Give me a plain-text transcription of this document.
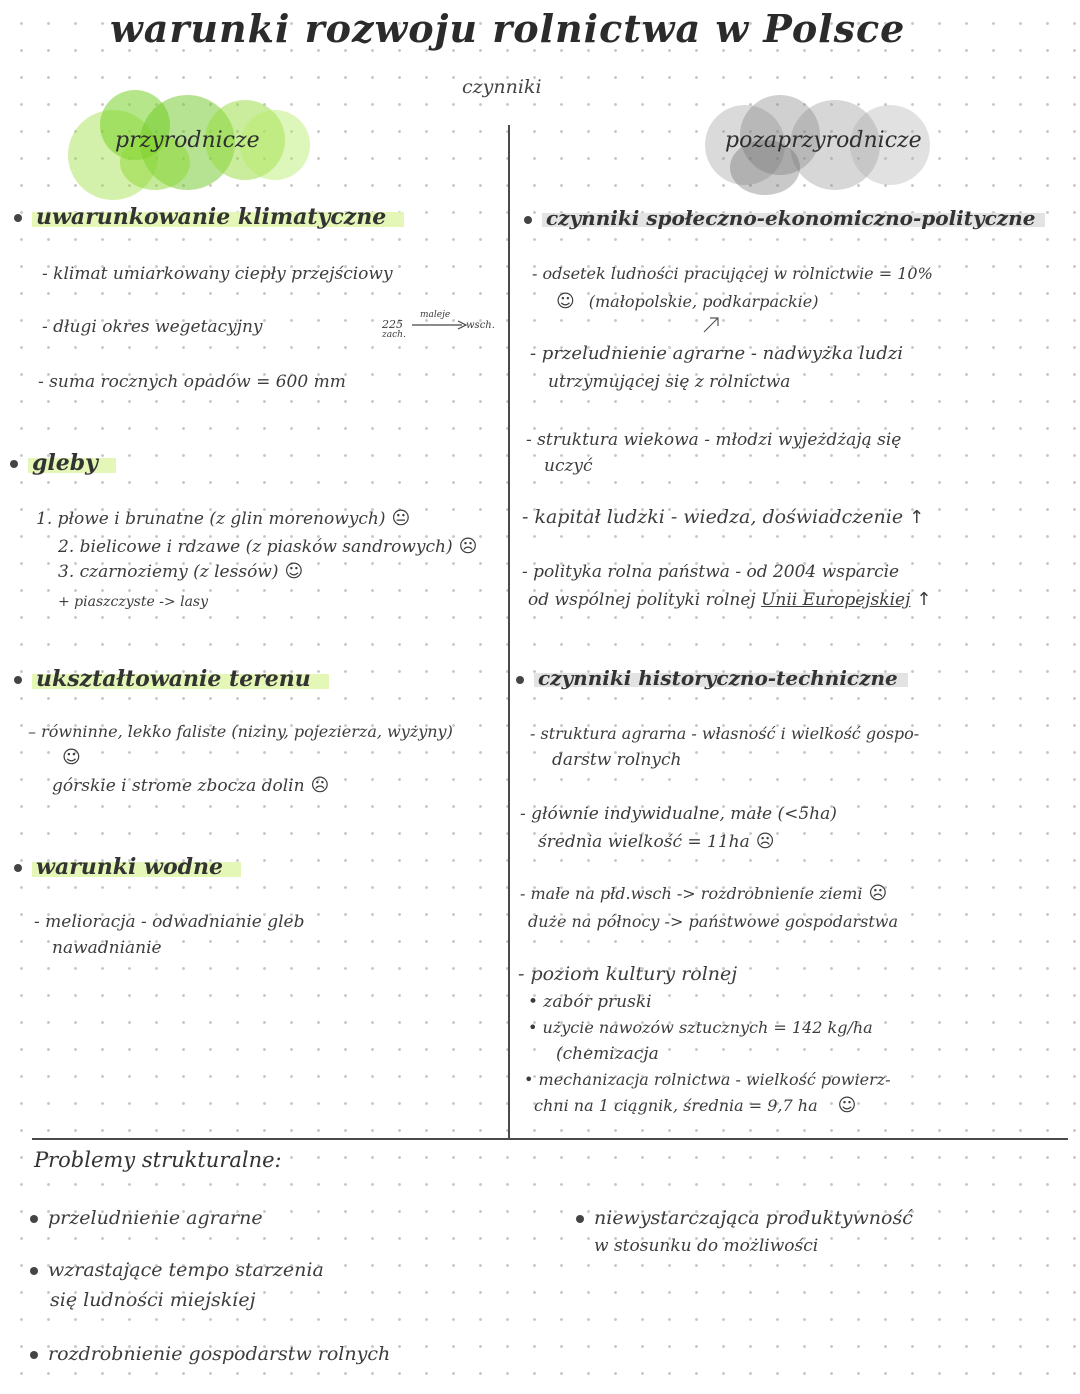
warunki rozwoju rolnictwa w Polsce
czynniki
przyrodnicze	pozaprzyrodnicze
uwarunkowanie klimatyczne
- klimat umiarkowany ciepły przejściowy
- długi okres wegetacyjny
- suma rocznych opadów = 600 mm
225
zach.
maleje
wsch.
gleby
1. płowe i brunatne (z glin morenowych) 😐
2. bielicowe i rdzawe (z piasków sandrowych) ☹
3. czarnoziemy (z lessów) ☺
+ piaszczyste -> lasy
ukształtowanie terenu
– równinne, lekko faliste (niziny, pojezierza, wyżyny)
☺
górskie i strome zbocza dolin ☹
warunki wodne
- melioracja - odwadnianie gleb
nawadnianie
czynniki społeczno-ekonomiczno-polityczne
- odsetek ludności pracującej w rolnictwie = 10%
☺ (małopolskie, podkarpackie)
- przeludnienie agrarne - nadwyżka ludzi
utrzymującej się z rolnictwa
- struktura wiekowa - młodzi wyjeżdżają się
uczyć
- kapitał ludzki - wiedza, doświadczenie ↑
- polityka rolna państwa - od 2004 wsparcie
od wspólnej polityki rolnej Unii Europejskiej ↑
czynniki historyczno-techniczne
- struktura agrarna - własność i wielkość gospo-
darstw rolnych
- głównie indywidualne, małe (<5ha)
średnia wielkość = 11ha ☹
- małe na płd.wsch -> rozdrobnienie ziemi ☹
duże na północy -> państwowe gospodarstwa
- poziom kultury rolnej
• zabór pruski
• użycie nawozów sztucznych = 142 kg/ha
(chemizacja
• mechanizacja rolnictwa - wielkość powierz-
chni na 1 ciągnik, średnia = 9,7 ha ☺
Problemy strukturalne:
przeludnienie agrarne
wzrastające tempo starzenia
się ludności miejskiej
rozdrobnienie gospodarstw rolnych
niewystarczająca produktywność
w stosunku do możliwości
